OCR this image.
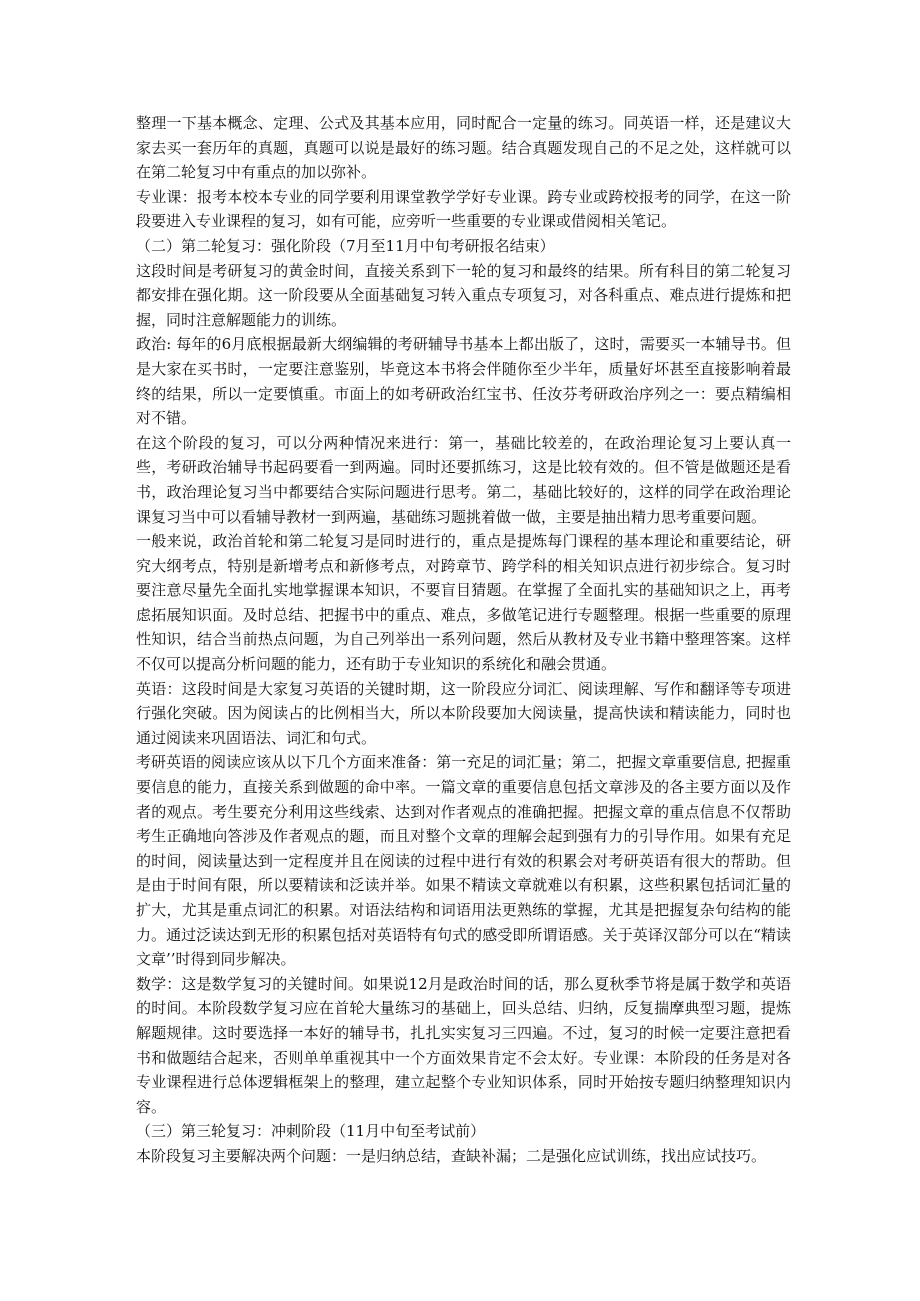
整理一下基本概念、定理、公式及其基本应用，同时配合一定量的练习。同英语一样，还是建议大家去买一套历年的真题，真题可以说是最好的练习题。结合真题发现自己的不足之处，这样就可以在第二轮复习中有重点的加以弥补。

专业课：报考本校本专业的同学要利用课堂教学学好专业课。跨专业或跨校报考的同学，在这一阶段要进入专业课程的复习，如有可能，应旁听一些重要的专业课或借阅相关笔记。

（二）第二轮复习：强化阶段（7月至11月中旬考研报名结束）

这段时间是考研复习的黄金时间，直接关系到下一轮的复习和最终的结果。所有科目的第二轮复习都安排在强化期。这一阶段要从全面基础复习转入重点专项复习，对各科重点、难点进行提炼和把握，同时注意解题能力的训练。

政治: 每年的6月底根据最新大纲编辑的考研辅导书基本上都出版了，这时，需要买一本辅导书。但是大家在买书时，一定要注意鉴别，毕竟这本书将会伴随你至少半年，质量好坏甚至直接影响着最终的结果，所以一定要慎重。市面上的如考研政治红宝书、任汝芬考研政治序列之一：要点精编相对不错。

在这个阶段的复习，可以分两种情况来进行：第一，基础比较差的，在政治理论复习上要认真一些，考研政治辅导书起码要看一到两遍。同时还要抓练习，这是比较有效的。但不管是做题还是看书，政治理论复习当中都要结合实际问题进行思考。第二，基础比较好的，这样的同学在政治理论课复习当中可以看辅导教材一到两遍，基础练习题挑着做一做，主要是抽出精力思考重要问题。

一般来说，政治首轮和第二轮复习是同时进行的，重点是提炼每门课程的基本理论和重要结论，研究大纲考点，特别是新增考点和新修考点，对跨章节、跨学科的相关知识点进行初步综合。复习时要注意尽量先全面扎实地掌握课本知识，不要盲目猜题。在掌握了全面扎实的基础知识之上，再考虑拓展知识面。及时总结、把握书中的重点、难点，多做笔记进行专题整理。根据一些重要的原理性知识，结合当前热点问题，为自己列举出一系列问题，然后从教材及专业书籍中整理答案。这样不仅可以提高分析问题的能力，还有助于专业知识的系统化和融会贯通。

英语：这段时间是大家复习英语的关键时期，这一阶段应分词汇、阅读理解、写作和翻译等专项进行强化突破。因为阅读占的比例相当大，所以本阶段要加大阅读量，提高快读和精读能力，同时也通过阅读来巩固语法、词汇和句式。

考研英语的阅读应该从以下几个方面来准备：第一充足的词汇量；第二，把握文章重要信息, 把握重要信息的能力，直接关系到做题的命中率。一篇文章的重要信息包括文章涉及的各主要方面以及作者的观点。考生要充分利用这些线索、达到对作者观点的准确把握。把握文章的重点信息不仅帮助考生正确地向答涉及作者观点的题，而且对整个文章的理解会起到强有力的引导作用。如果有充足的时间，阅读量达到一定程度并且在阅读的过程中进行有效的积累会对考研英语有很大的帮助。但是由于时间有限，所以要精读和泛读并举。如果不精读文章就难以有积累，这些积累包括词汇量的扩大，尤其是重点词汇的积累。对语法结构和词语用法更熟练的掌握，尤其是把握复杂句结构的能力。通过泛读达到无形的积累包括对英语特有句式的感受即所谓语感。关于英译汉部分可以在“精读文章’’时得到同步解决。

数学：这是数学复习的关键时间。如果说12月是政治时间的话，那么夏秋季节将是属于数学和英语的时间。本阶段数学复习应在首轮大量练习的基础上，回头总结、归纳，反复揣摩典型习题，提炼解题规律。这时要选择一本好的辅导书，扎扎实实复习三四遍。不过，复习的时候一定要注意把看书和做题结合起来，否则单单重视其中一个方面效果肯定不会太好。专业课：本阶段的任务是对各专业课程进行总体逻辑框架上的整理，建立起整个专业知识体系，同时开始按专题归纳整理知识内容。

（三）第三轮复习：冲刺阶段（11月中旬至考试前）

本阶段复习主要解决两个问题：一是归纳总结，查缺补漏；二是强化应试训练，找出应试技巧。
